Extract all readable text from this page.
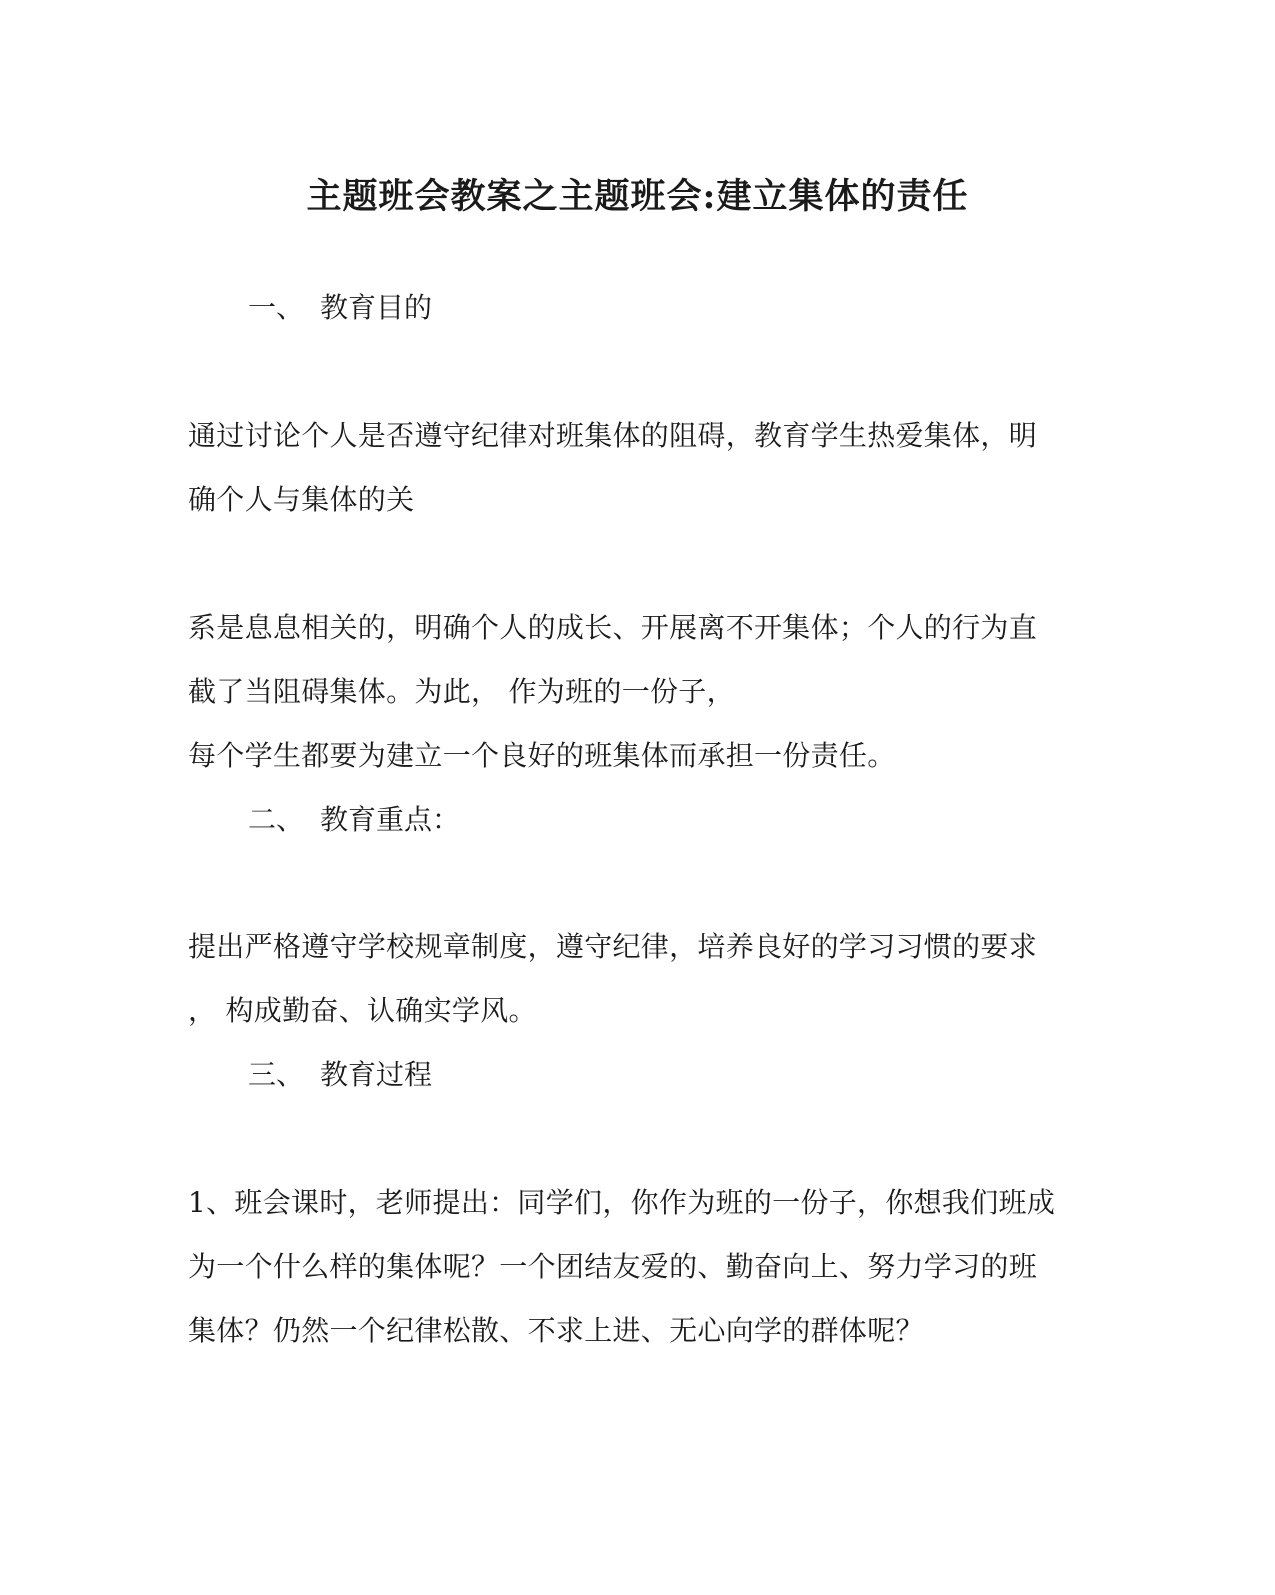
主题班会教案之主题班会:建立集体的责任
一、 教育目的
通过讨论个人是否遵守纪律对班集体的阻碍，教育学生热爱集体，明
确个人与集体的关
系是息息相关的，明确个人的成长、开展离不开集体；个人的行为直
截了当阻碍集体。为此， 作为班的一份子，
每个学生都要为建立一个良好的班集体而承担一份责任。
二、 教育重点：
提出严格遵守学校规章制度，遵守纪律，培养良好的学习习惯的要求
， 构成勤奋、认确实学风。
三、 教育过程
1、班会课时，老师提出：同学们，你作为班的一份子，你想我们班成
为一个什么样的集体呢？一个团结友爱的、勤奋向上、努力学习的班
集体？仍然一个纪律松散、不求上进、无心向学的群体呢？
